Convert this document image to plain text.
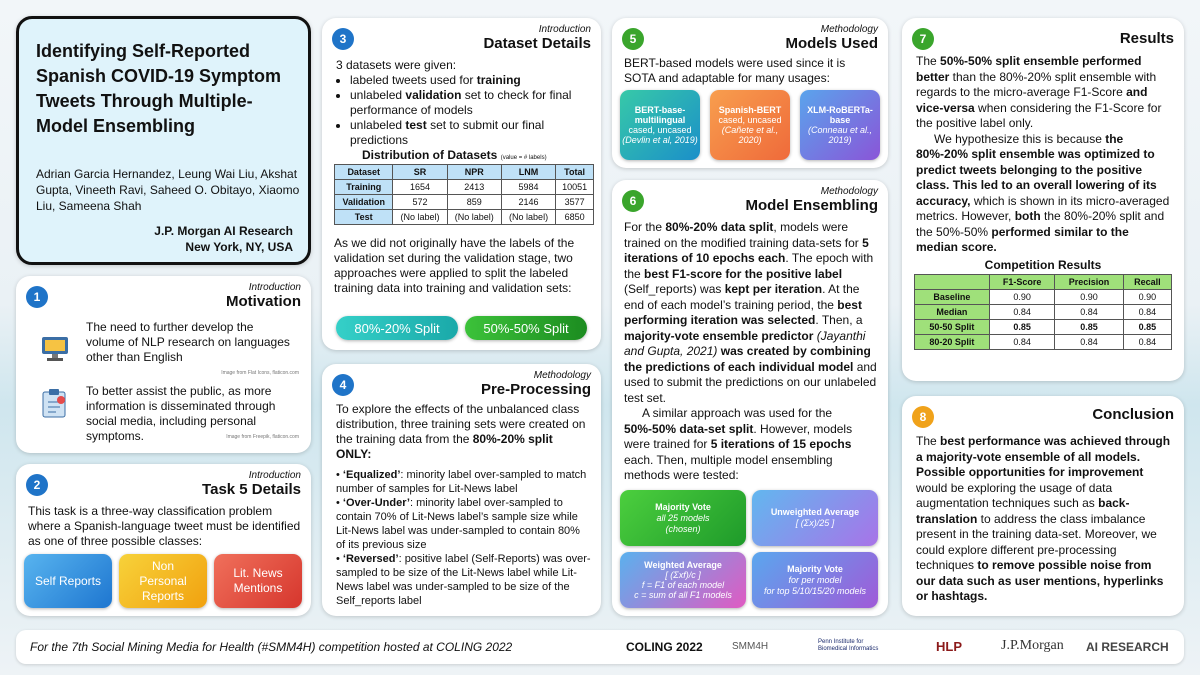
Identifying Self-Reported Spanish COVID-19 Symptom Tweets Through Multiple-Model Ensembling
Adrian Garcia Hernandez, Leung Wai Liu, Akshat Gupta, Vineeth Ravi, Saheed O. Obitayo, Xiaomo Liu, Sameena Shah
J.P. Morgan AI Research
New York, NY, USA
1
Introduction
Motivation
The need to further develop the volume of NLP research on languages other than English
Image from Flat Icons, flaticon.com
To better assist the public, as more information is disseminated through social media, including personal symptoms.	Image from Freepik, flaticon.com
2
Introduction
Task 5 Details
This task is a three-way classification problem where a Spanish-language tweet must be identified as one of three possible classes:
Self Reports
Non Personal Reports
Lit. News Mentions
3
Introduction
Dataset Details
3 datasets were given:
• labeled tweets used for training
• unlabeled validation set to check for final performance of models
• unlabeled test set to submit our final predictions
Distribution of Datasets (value = # labels)
Dataset	SR	NPR	LNM	Total
Training	1654	2413	5984	10051
Validation	572	859	2146	3577
Test	(No label)	(No label)	(No label)	6850
As we did not originally have the labels of the validation set during the validation stage, two approaches were applied to split the labeled training data into training and validation sets:
80%-20% Split	50%-50% Split
4
Methodology
Pre-Processing
To explore the effects of the unbalanced class distribution, three training sets were created on the training data from the 80%-20% split ONLY:
• ‘Equalized’: minority label over-sampled to match number of samples for Lit-News label
• ‘Over-Under’: minority label over-sampled to contain 70% of Lit-News label’s sample size while Lit-News label was under-sampled to contain 80% of its previous size
• ‘Reversed’: positive label (Self-Reports) was over-sampled to be size of the Lit-News label while Lit-News label was under-sampled to be size of the Self_reports label
5
Methodology
Models Used
BERT-based models were used since it is SOTA and adaptable for many usages:
BERT-base-multilingual
cased, uncased
(Devlin et al, 2019)
Spanish-BERT
cased, uncased
(Cañete et al., 2020)
XLM-RoBERTa-base
(Conneau et al., 2019)
6
Methodology
Model Ensembling
For the 80%-20% data split, models were trained on the modified training data-sets for 5 iterations of 10 epochs each. The epoch with the best F1-score for the positive label (Self_reports) was kept per iteration. At the end of each model’s training period, the best performing iteration was selected. Then, a majority-vote ensemble predictor (Jayanthi and Gupta, 2021) was created by combining the predictions of each individual model and used to submit the predictions on our unlabeled test set.
A similar approach was used for the 50%-50% data-set split. However, models were trained for 5 iterations of 15 epochs each. Then, multiple model ensembling methods were tested:
Majority Vote
all 25 models
(chosen)
Unweighted Average
[ (Σx)/25 ]
Weighted Average
[ (Σxf)/c ]
f = F1 of each model
c = sum of all F1 models
Majority Vote
for per model
for top 5/10/15/20 models
7	Results
The 50%-50% split ensemble performed better than the 80%-20% split ensemble with regards to the micro-average F1-Score and vice-versa when considering the F1-Score for the positive label only.
We hypothesize this is because the 80%-20% split ensemble was optimized to predict tweets belonging to the positive class. This led to an overall lowering of its accuracy, which is shown in its micro-averaged metrics. However, both the 80%-20% split and the 50%-50% performed similar to the median score.
Competition Results
	F1-Score	Precision	Recall
Baseline	0.90	0.90	0.90
Median	0.84	0.84	0.84
50-50 Split	0.85	0.85	0.85
80-20 Split	0.84	0.84	0.84
8	Conclusion
The best performance was achieved through a majority-vote ensemble of all models. Possible opportunities for improvement would be exploring the usage of data augmentation techniques such as back-translation to address the class imbalance present in the training data-set. Moreover, we could explore different pre-processing techniques to remove possible noise from our data such as user mentions, hyperlinks or hashtags.
For the 7th Social Mining Media for Health (#SMM4H) competition hosted at COLING 2022	COLING 2022	SMM4H	Penn Institute for
Biomedical Informatics	HLP	J.P.Morgan AI RESEARCH
